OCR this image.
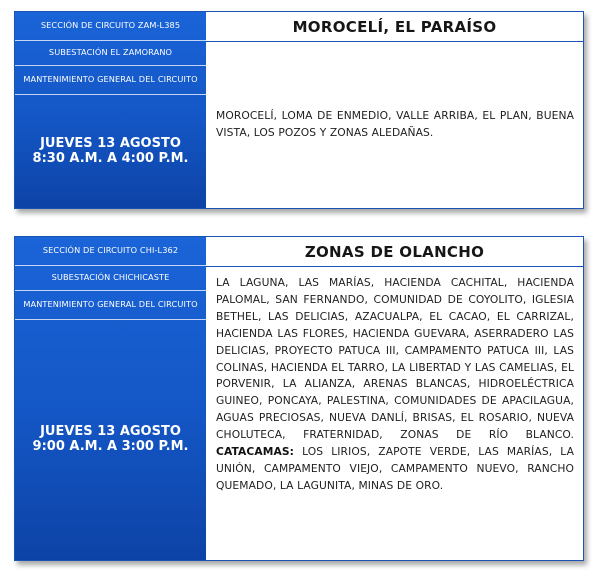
SECCIÓN DE CIRCUITO ZAM-L385
SUBESTACIÓN EL ZAMORANO
MANTENIMIENTO GENERAL DEL CIRCUITO
JUEVES 13 AGOSTO
8:30 A.M. A 4:00 P.M.
MOROCELÍ, EL PARAÍSO
MOROCELÍ, LOMA DE ENMEDIO, VALLE ARRIBA, EL PLAN, BUENA VISTA, LOS POZOS Y ZONAS ALEDAÑAS.
SECCIÓN DE CIRCUITO CHI-L362
SUBESTACIÓN CHICHICASTE
MANTENIMIENTO GENERAL DEL CIRCUITO
JUEVES 13 AGOSTO
9:00 A.M. A 3:00 P.M.
ZONAS DE OLANCHO
LA LAGUNA, LAS MARÍAS, HACIENDA CACHITAL, HACIENDA PALOMAL, SAN FERNANDO, COMUNIDAD DE COYOLITO, IGLESIA BETHEL, LAS DELICIAS, AZACUALPA, EL CACAO, EL CARRIZAL, HACIENDA LAS FLORES, HACIENDA GUEVARA, ASERRADERO LAS DELICIAS, PROYECTO PATUCA III, CAMPAMENTO PATUCA III, LAS COLINAS, HACIENDA EL TARRO, LA LIBERTAD Y LAS CAMELIAS, EL PORVENIR, LA ALIANZA, ARENAS BLANCAS, HIDROELÉCTRICA GUINEO, PONCAYA, PALESTINA, COMUNIDADES DE APACILAGUA, AGUAS PRECIOSAS, NUEVA DANLÍ, BRISAS, EL ROSARIO, NUEVA CHOLUTECA, FRATERNIDAD, ZONAS DE RÍO BLANCO. CATACAMAS: LOS LIRIOS, ZAPOTE VERDE, LAS MARÍAS, LA UNIÓN, CAMPAMENTO VIEJO, CAMPAMENTO NUEVO, RANCHO QUEMADO, LA LAGUNITA, MINAS DE ORO.
